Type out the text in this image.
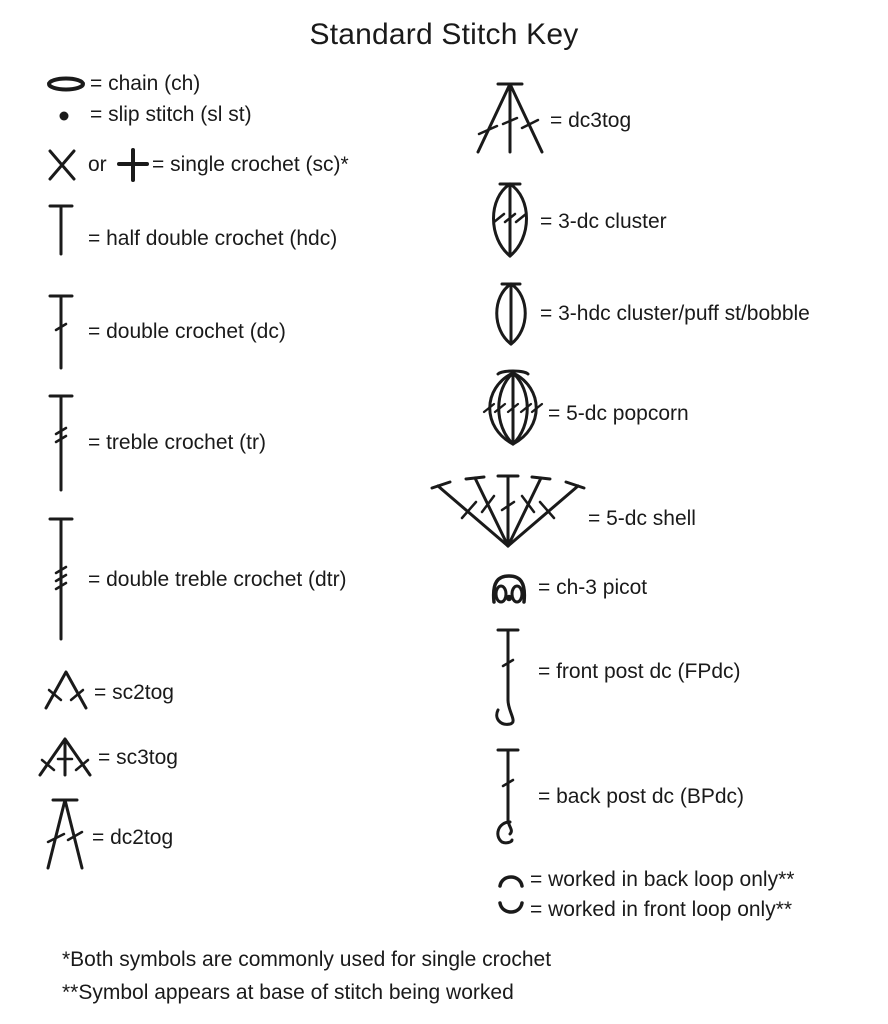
Standard Stitch Key
= chain (ch)
= slip stitch (sl st)
or = single crochet (sc)*
= half double crochet (hdc)
= double crochet (dc)
= treble crochet (tr)
= double treble crochet (dtr)
= sc2tog
= sc3tog
= dc2tog
= dc3tog
= 3-dc cluster
= 3-hdc cluster/puff st/bobble
= 5-dc popcorn
= 5-dc shell
= ch-3 picot
= front post dc (FPdc)
= back post dc (BPdc)
= worked in back loop only**
= worked in front loop only**
*Both symbols are commonly used for single crochet
**Symbol appears at base of stitch being worked
